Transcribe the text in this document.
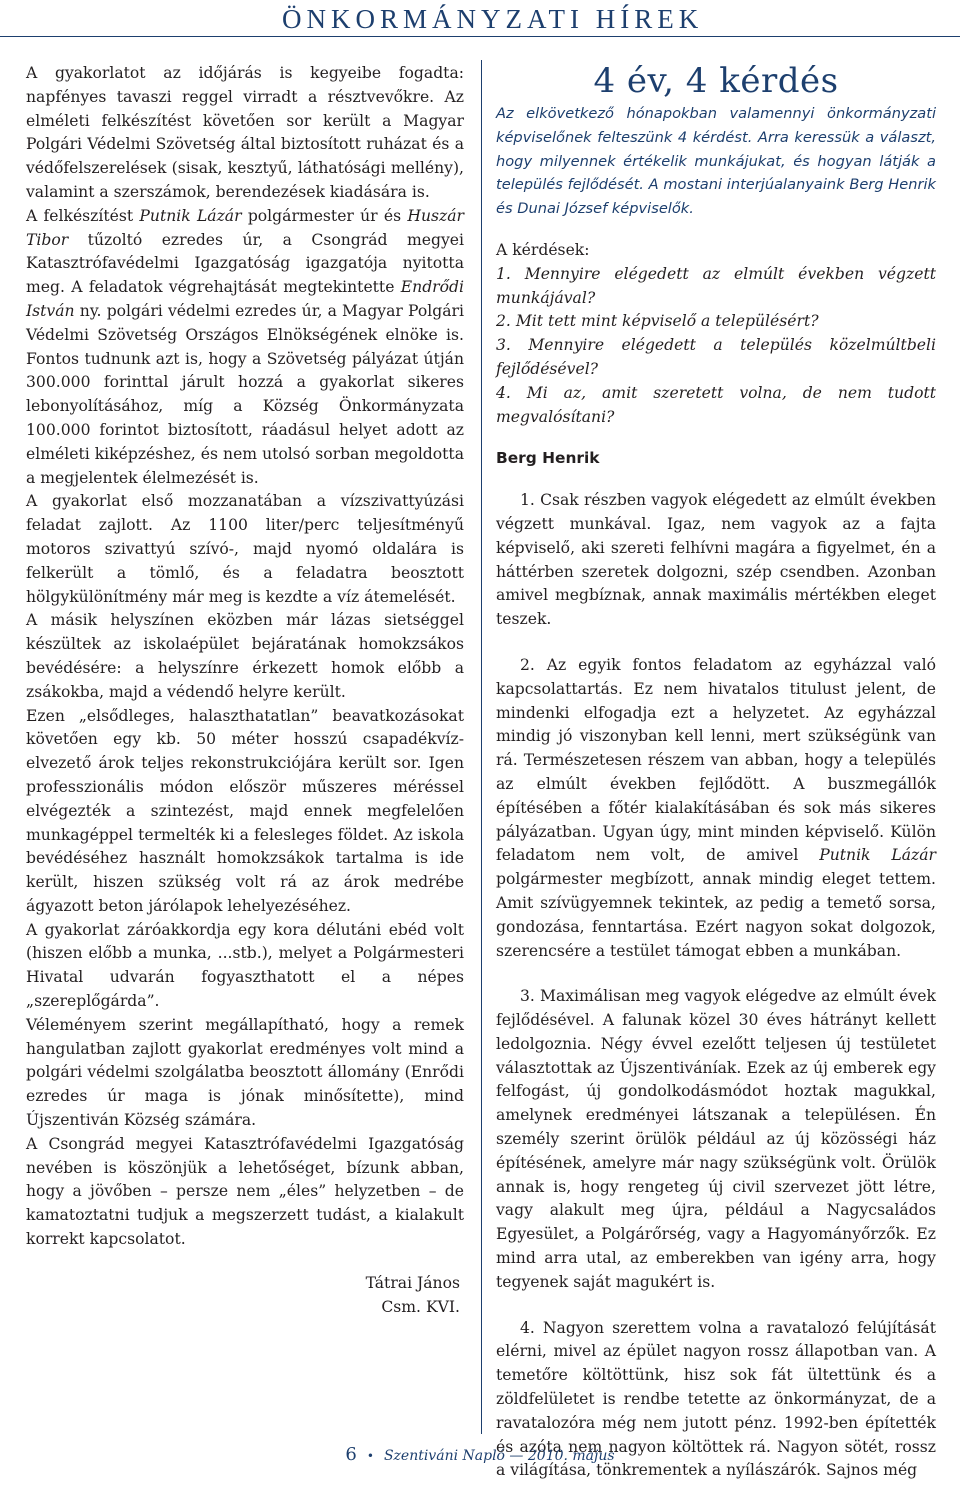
ÖNKORMÁNYZATI HÍREK

A gyakorlatot az időjárás is kegyeibe fogadta: napfényes tavaszi reggel virradt a résztvevőkre. Az elméleti felkészítést követően sor került a Magyar Polgári Védelmi Szövetség által biztosított ruházat és a védőfelszerelések (sisak, kesztyű, láthatósági mellény), valamint a szerszámok, berendezések kiadására is.

A felkészítést Putnik Lázár polgármester úr és Huszár Tibor tűzoltó ezredes úr, a Csongrád megyei Katasztrófavédelmi Igazgatóság igazgatója nyitotta meg. A feladatok végrehajtását megtekintette Endrődi István ny. polgári védelmi ezredes úr, a Magyar Polgári Védelmi Szövetség Országos Elnökségének elnöke is. Fontos tudnunk azt is, hogy a Szövetség pályázat útján 300.000 forinttal járult hozzá a gyakorlat sikeres lebonyolításához, míg a Község Önkormányzata 100.000 forintot biztosított, ráadásul helyet adott az elméleti kiképzéshez, és nem utolsó sorban megoldotta a megjelentek élelmezését is.

A gyakorlat első mozzanatában a vízszivattyúzási feladat zajlott. Az 1100 liter/perc teljesítményű motoros szivattyú szívó-, majd nyomó oldalára is felkerült a tömlő, és a feladatra beosztott hölgykülönítmény már meg is kezdte a víz átemelését.

A másik helyszínen eközben már lázas sietséggel készültek az iskolaépület bejáratának homokzsákos bevédésére: a helyszínre érkezett homok előbb a zsákokba, majd a védendő helyre került.

Ezen „elsődleges, halaszthatatlan” beavatkozásokat követően egy kb. 50 méter hosszú csapadékvíz-elvezető árok teljes rekonstrukciójára került sor. Igen professzionális módon először műszeres méréssel elvégezték a szintezést, majd ennek megfelelően munkagéppel termelték ki a felesleges földet. Az iskola bevédéséhez használt homokzsákok tartalma is ide került, hiszen szükség volt rá az árok medrébe ágyazott beton járólapok lehelyezéséhez.

A gyakorlat záróakkordja egy kora délutáni ebéd volt (hiszen előbb a munka, ...stb.), melyet a Polgármesteri Hivatal udvarán fogyaszthatott el a népes „szereplőgárda”.

Véleményem szerint megállapítható, hogy a remek hangulatban zajlott gyakorlat eredményes volt mind a polgári védelmi szolgálatba beosztott állomány (Enrődi ezredes úr maga is jónak minősítette), mind Újszentiván Község számára.

A Csongrád megyei Katasztrófavédelmi Igazgatóság nevében is köszönjük a lehetőséget, bízunk abban, hogy a jövőben – persze nem „éles” helyzetben – de kamatoztatni tudjuk a megszerzett tudást, a kialakult korrekt kapcsolatot.

Tátrai János
Csm. KVI.

4 év, 4 kérdés

Az elkövetkező hónapokban valamennyi önkormányzati képviselőnek felteszünk 4 kérdést. Arra keressük a választ, hogy milyennek értékelik munkájukat, és hogyan látják a település fejlődését. A mostani interjúalanyaink Berg Henrik és Dunai József képviselők.

A kérdések:

1. Mennyire elégedett az elmúlt években végzett munkájával?

2. Mit tett mint képviselő a településért?

3. Mennyire elégedett a település közelmúltbeli fejlődésével?

4. Mi az, amit szeretett volna, de nem tudott megvalósítani?

Berg Henrik

1. Csak részben vagyok elégedett az elmúlt években végzett munkával. Igaz, nem vagyok az a fajta képviselő, aki szereti felhívni magára a figyelmet, én a háttérben szeretek dolgozni, szép csendben. Azonban amivel megbíznak, annak maximális mértékben eleget teszek.

2. Az egyik fontos feladatom az egyházzal való kapcsolattartás. Ez nem hivatalos titulust jelent, de mindenki elfogadja ezt a helyzetet. Az egyházzal mindig jó viszonyban kell lenni, mert szükségünk van rá. Természetesen részem van abban, hogy a település az elmúlt években fejlődött. A buszmegállók építésében a főtér kialakításában és sok más sikeres pályázatban. Ugyan úgy, mint minden képviselő. Külön feladatom nem volt, de amivel Putnik Lázár polgármester megbízott, annak mindig eleget tettem. Amit szívügyemnek tekintek, az pedig a temető sorsa, gondozása, fenntartása. Ezért nagyon sokat dolgozok, szerencsére a testület támogat ebben a munkában.

3. Maximálisan meg vagyok elégedve az elmúlt évek fejlődésével. A falunak közel 30 éves hátrányt kellett ledolgoznia. Négy évvel ezelőtt teljesen új testületet választottak az Újszentiváníak. Ezek az új emberek egy felfogást, új gondolkodásmódot hoztak magukkal, amelynek eredményei látszanak a településen. Én személy szerint örülök például az új közösségi ház építésének, amelyre már nagy szükségünk volt. Örülök annak is, hogy rengeteg új civil szervezet jött létre, vagy alakult meg újra, például a Nagycsaládos Egyesület, a Polgárőrség, vagy a Hagyományőrzők. Ez mind arra utal, az emberekben van igény arra, hogy tegyenek saját magukért is.

4. Nagyon szerettem volna a ravatalozó felújítását elérni, mivel az épület nagyon rossz állapotban van. A temetőre költöttünk, hisz sok fát ültettünk és a zöldfelületet is rendbe tetette az önkormányzat, de a ravatalozóra még nem jutott pénz. 1992-ben építették és azóta nem nagyon költöttek rá. Nagyon sötét, rossz a világítása, tönkrementek a nyílászárók. Sajnos még

6 • Szentiváni Napló — 2010. május
